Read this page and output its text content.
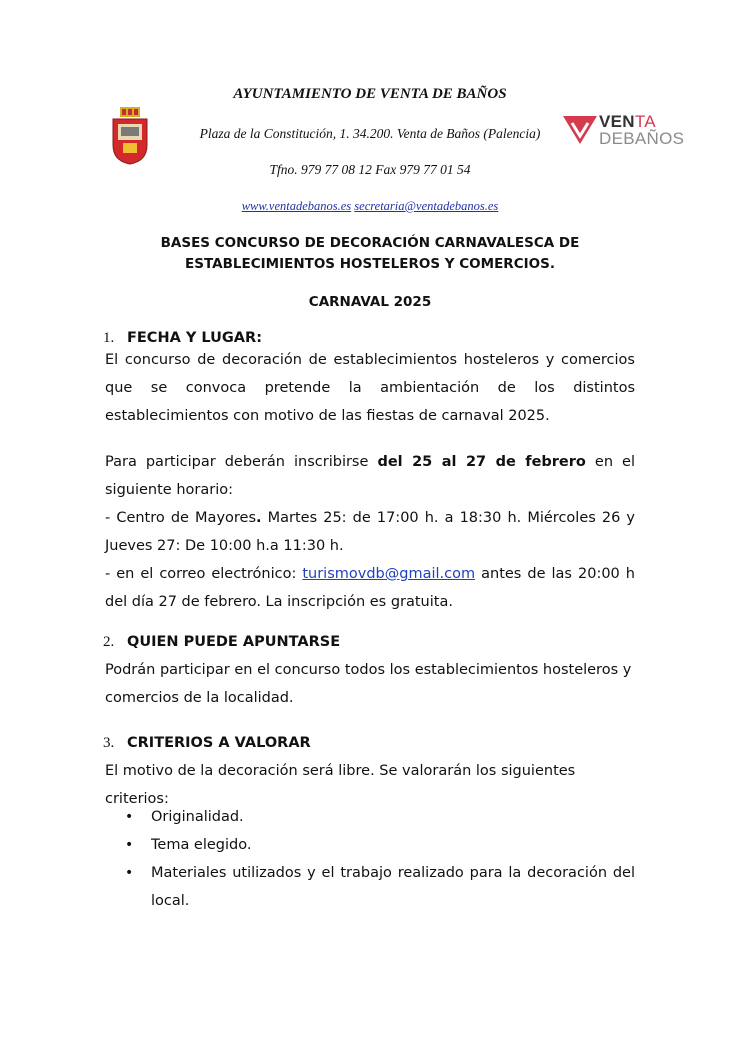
AYUNTAMIENTO DE VENTA DE BAÑOS
Plaza de la Constitución, 1. 34.200. Venta de Baños (Palencia)
Tfno. 979 77 08 12 Fax 979 77 01 54
www.ventadebanos.es secretaria@ventadebanos.es
VENTA
DEBAÑOS
BASES CONCURSO DE DECORACIÓN CARNAVALESCA DE
ESTABLECIMIENTOS HOSTELEROS Y COMERCIOS.
CARNAVAL 2025
1. FECHA Y LUGAR:
El concurso de decoración de establecimientos hosteleros y comercios que se convoca pretende la ambientación de los distintos establecimientos con motivo de las fiestas de carnaval 2025.
Para participar deberán inscribirse del 25 al 27 de febrero en el siguiente horario:
- Centro de Mayores. Martes 25: de 17:00 h. a 18:30 h. Miércoles 26 y Jueves 27: De 10:00 h.a 11:30 h.
- en el correo electrónico: turismovdb@gmail.com antes de las 20:00 h del día 27 de febrero. La inscripción es gratuita.
2. QUIEN PUEDE APUNTARSE
Podrán participar en el concurso todos los establecimientos hosteleros y comercios de la localidad.
3. CRITERIOS A VALORAR
El motivo de la decoración será libre. Se valorarán los siguientes criterios:
• Originalidad.
• Tema elegido.
• Materiales utilizados y el trabajo realizado para la decoración del local.
